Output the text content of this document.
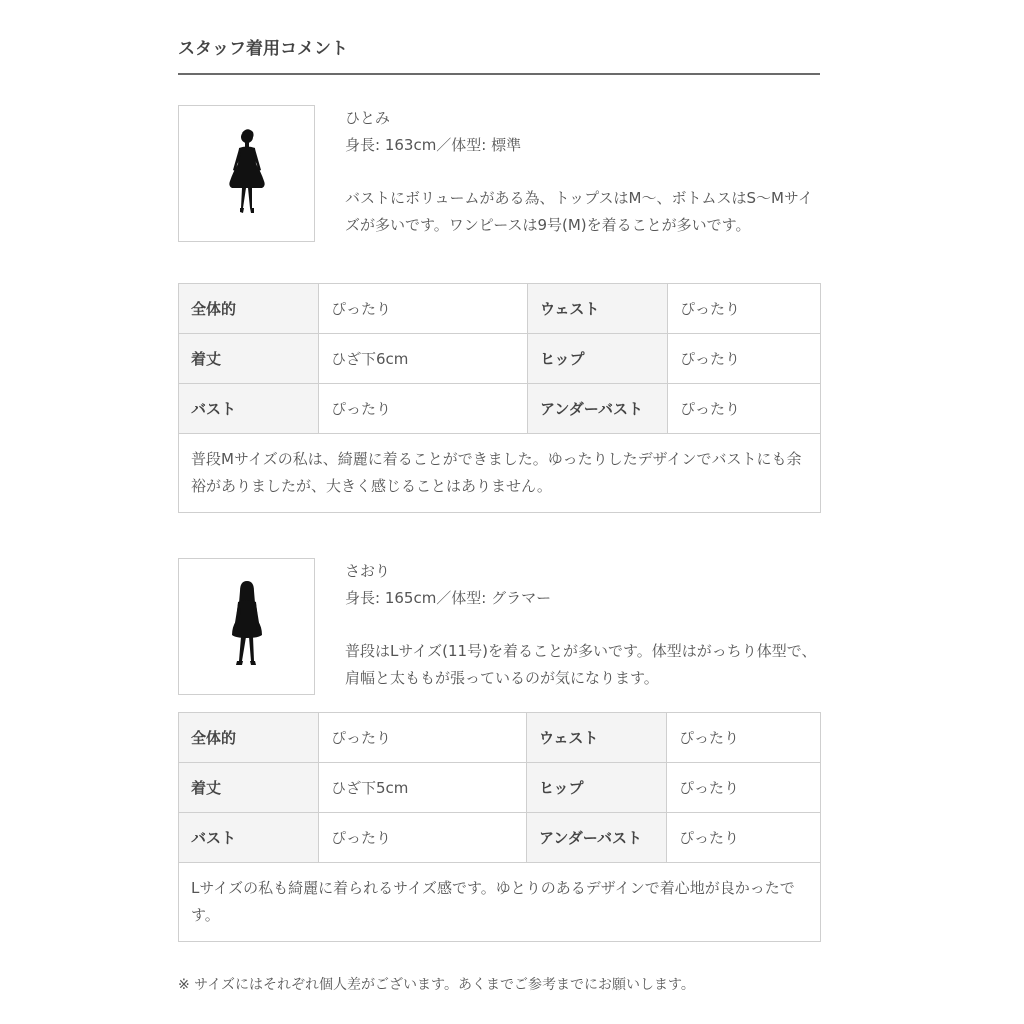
スタッフ着用コメント

ひとみ

身長: 163cm／体型: 標準

バストにボリュームがある為、トップスはM〜、ボトムスはS〜Mサイズが多いです。ワンピースは9号(M)を着ることが多いです。

全体的	ぴったり	ウェスト	ぴったり
着丈	ひざ下6cm	ヒップ	ぴったり
バスト	ぴったり	アンダーバスト	ぴったり
普段Mサイズの私は、綺麗に着ることができました。ゆったりしたデザインでバストにも余裕がありましたが、大きく感じることはありません。			

さおり

身長: 165cm／体型: グラマー

普段はLサイズ(11号)を着ることが多いです。体型はがっちり体型で、肩幅と太ももが張っているのが気になります。

全体的	ぴったり	ウェスト	ぴったり
着丈	ひざ下5cm	ヒップ	ぴったり
バスト	ぴったり	アンダーバスト	ぴったり
Lサイズの私も綺麗に着られるサイズ感です。ゆとりのあるデザインで着心地が良かったです。			
※ サイズにはそれぞれ個人差がございます。あくまでご参考までにお願いします。
